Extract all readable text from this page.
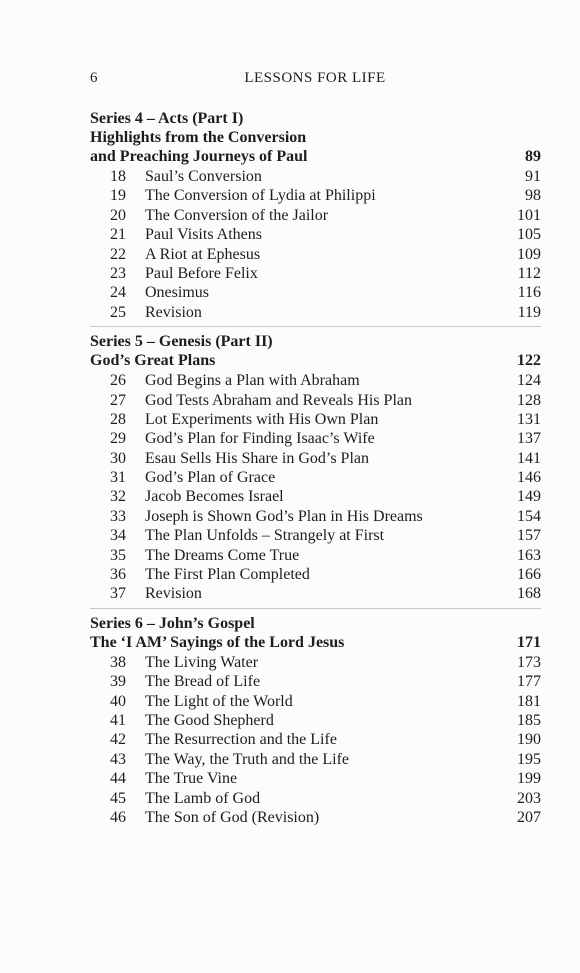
6	LESSONS FOR LIFE
Series 4 – Acts (Part I)
Highlights from the Conversion
and Preaching Journeys of Paul	89
18	Saul’s Conversion	91
19	The Conversion of Lydia at Philippi	98
20	The Conversion of the Jailor	101
21	Paul Visits Athens	105
22	A Riot at Ephesus	109
23	Paul Before Felix	112
24	Onesimus	116
25	Revision	119
Series 5 – Genesis (Part II)
God’s Great Plans	122
26	God Begins a Plan with Abraham	124
27	God Tests Abraham and Reveals His Plan	128
28	Lot Experiments with His Own Plan	131
29	God’s Plan for Finding Isaac’s Wife	137
30	Esau Sells His Share in God’s Plan	141
31	God’s Plan of Grace	146
32	Jacob Becomes Israel	149
33	Joseph is Shown God’s Plan in His Dreams	154
34	The Plan Unfolds – Strangely at First	157
35	The Dreams Come True	163
36	The First Plan Completed	166
37	Revision	168
Series 6 – John’s Gospel
The ‘I AM’ Sayings of the Lord Jesus	171
38	The Living Water	173
39	The Bread of Life	177
40	The Light of the World	181
41	The Good Shepherd	185
42	The Resurrection and the Life	190
43	The Way, the Truth and the Life	195
44	The True Vine	199
45	The Lamb of God	203
46	The Son of God (Revision)	207
